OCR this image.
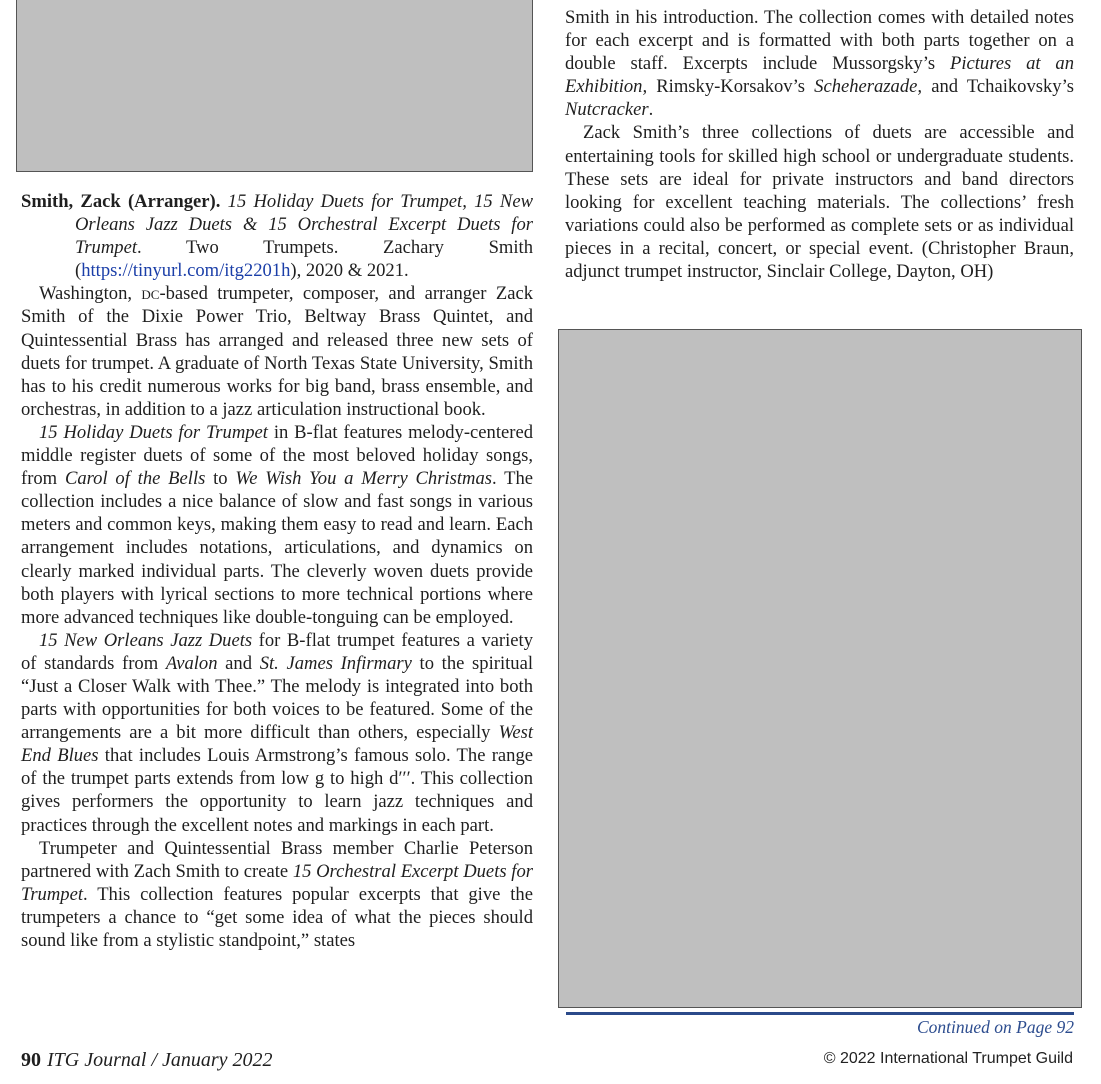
Smith, Zack (Arranger). 15 Holiday Duets for Trumpet, 15 New Orleans Jazz Duets & 15 Orchestral Excerpt Duets for Trumpet. Two Trumpets. Zachary Smith (https://tinyurl.com/itg2201h), 2020 & 2021.

Washington, dc-based trumpeter, composer, and arranger Zack Smith of the Dixie Power Trio, Beltway Brass Quintet, and Quintessential Brass has arranged and released three new sets of duets for trumpet. A graduate of North Texas State University, Smith has to his credit numerous works for big band, brass ensemble, and orchestras, in addition to a jazz articulation instructional book.

15 Holiday Duets for Trumpet in B-flat features melody-centered middle register duets of some of the most beloved holiday songs, from Carol of the Bells to We Wish You a Merry Christmas. The collection includes a nice balance of slow and fast songs in various meters and common keys, making them easy to read and learn. Each arrangement includes notations, articulations, and dynamics on clearly marked individual parts. The cleverly woven duets provide both players with lyrical sections to more technical portions where more advanced techniques like double-tonguing can be employed.

15 New Orleans Jazz Duets for B-flat trumpet features a variety of standards from Avalon and St. James Infirmary to the spiritual “Just a Closer Walk with Thee.” The melody is integrated into both parts with opportunities for both voices to be featured. Some of the arrangements are a bit more difficult than others, especially West End Blues that includes Louis Armstrong’s famous solo. The range of the trumpet parts extends from low g to high d′′′. This collection gives performers the opportunity to learn jazz techniques and practices through the excellent notes and markings in each part.

Trumpeter and Quintessential Brass member Charlie Peterson partnered with Zach Smith to create 15 Orchestral Excerpt Duets for Trumpet. This collection features popular excerpts that give the trumpeters a chance to “get some idea of what the pieces should sound like from a stylistic standpoint,” states

Smith in his introduction. The collection comes with detailed notes for each excerpt and is formatted with both parts together on a double staff. Excerpts include Mussorgsky’s Pictures at an Exhibition, Rimsky-Korsakov’s Scheherazade, and Tchaikovsky’s Nutcracker.

Zack Smith’s three collections of duets are accessible and entertaining tools for skilled high school or undergraduate students. These sets are ideal for private instructors and band directors looking for excellent teaching materials. The collections’ fresh variations could also be performed as complete sets or as individual pieces in a recital, concert, or special event. (Christopher Braun, adjunct trumpet instructor, Sinclair College, Dayton, OH)

Continued on Page 92
90 ITG Journal / January 2022	© 2022 International Trumpet Guild
